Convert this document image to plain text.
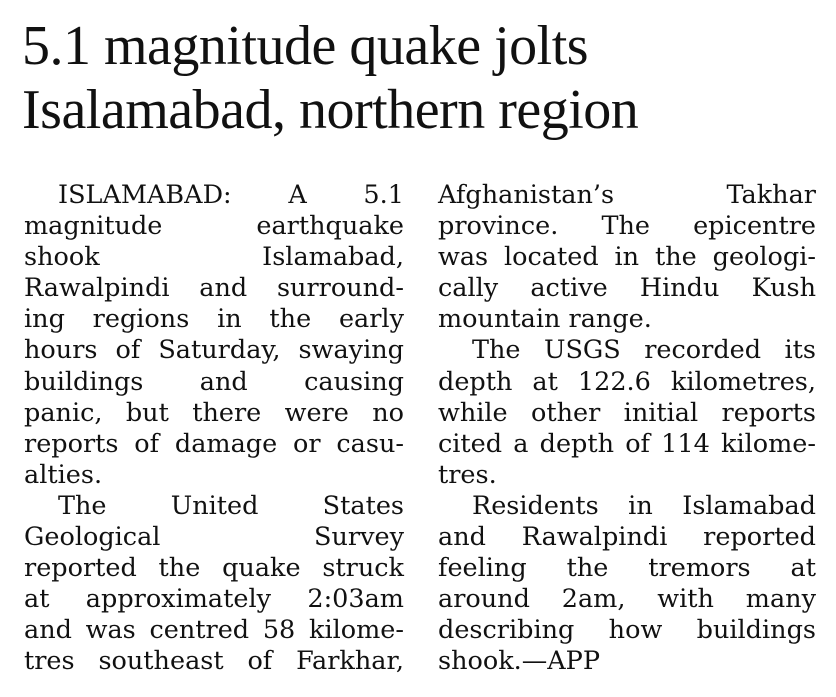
5.1 magnitude quake jolts
Isalamabad, northern region
ISLAMABAD: A 5.1
magnitude earthquake
shook Islamabad,
Rawalpindi and surround-
ing regions in the early
hours of Saturday, swaying
buildings and causing
panic, but there were no
reports of damage or casu-
alties.
The United States
Geological Survey
reported the quake struck
at approximately 2:03am
and was centred 58 kilome-
tres southeast of Farkhar,
Afghanistan’s Takhar
province. The epicentre
was located in the geologi-
cally active Hindu Kush
mountain range.
The USGS recorded its
depth at 122.6 kilometres,
while other initial reports
cited a depth of 114 kilome-
tres.
Residents in Islamabad
and Rawalpindi reported
feeling the tremors at
around 2am, with many
describing how buildings
shook.—APP
